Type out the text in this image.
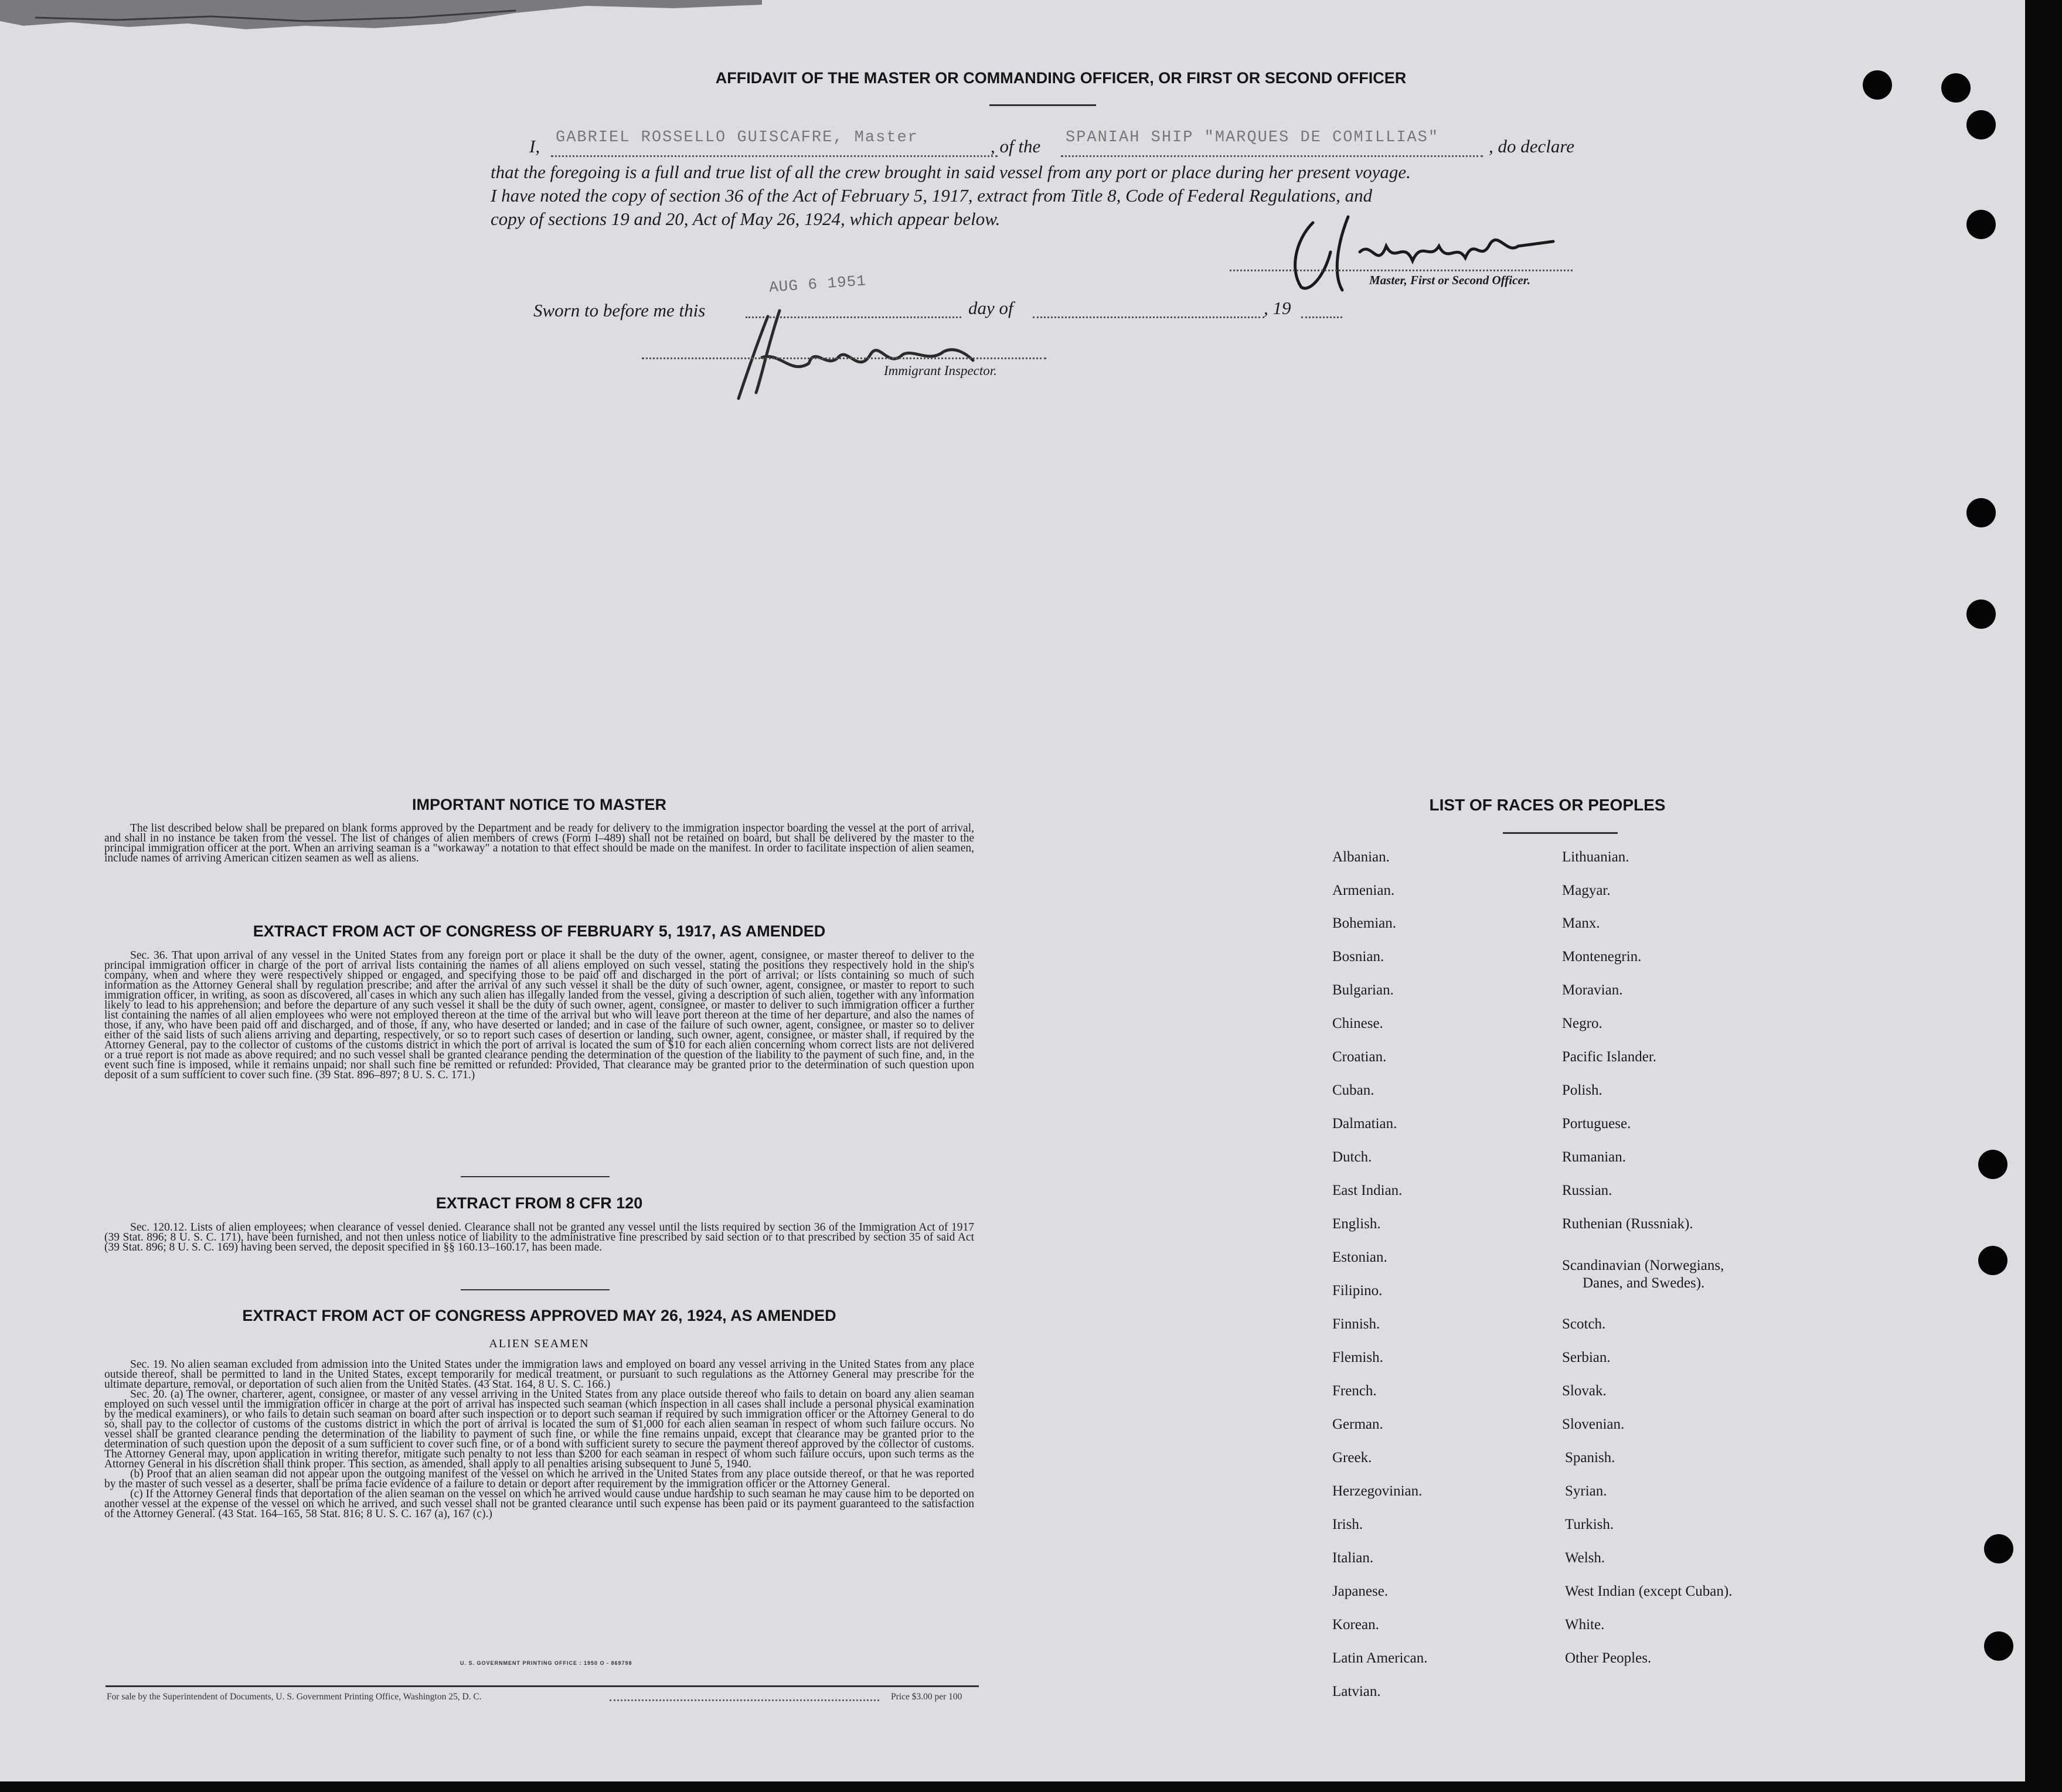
AFFIDAVIT OF THE MASTER OR COMMANDING OFFICER, OR FIRST OR SECOND OFFICER
I, GABRIEL ROSSELLO GUISCAFRE, Master	, of the SPANIAH SHIP "MARQUES DE COMILLIAS"	, do declare
that the foregoing is a full and true list of all the crew brought in said vessel from any port or place during her present voyage.
I have noted the copy of section 36 of the Act of February 5, 1917, extract from Title 8, Code of Federal Regulations, and
copy of sections 19 and 20, Act of May 26, 1924, which appear below.
Master, First or Second Officer.
Sworn to before me this
AUG 6 1951
day of	, 19
Immigrant Inspector.
IMPORTANT NOTICE TO MASTER

The list described below shall be prepared on blank forms approved by the Department and be ready for delivery to the immigration inspector boarding the vessel at the port of arrival, and shall in no instance be taken from the vessel. The list of changes of alien members of crews (Form I–489) shall not be retained on board, but shall be delivered by the master to the principal immigration officer at the port. When an arriving seaman is a "workaway" a notation to that effect should be made on the manifest. In order to facilitate inspection of alien seamen, include names of arriving American citizen seamen as well as aliens.

EXTRACT FROM ACT OF CONGRESS OF FEBRUARY 5, 1917, AS AMENDED

Sec. 36. That upon arrival of any vessel in the United States from any foreign port or place it shall be the duty of the owner, agent, consignee, or master thereof to deliver to the principal immigration officer in charge of the port of arrival lists containing the names of all aliens employed on such vessel, stating the positions they respectively hold in the ship's company, when and where they were respectively shipped or engaged, and specifying those to be paid off and discharged in the port of arrival; or lists containing so much of such information as the Attorney General shall by regulation prescribe; and after the arrival of any such vessel it shall be the duty of such owner, agent, consignee, or master to report to such immigration officer, in writing, as soon as discovered, all cases in which any such alien has illegally landed from the vessel, giving a description of such alien, together with any information likely to lead to his apprehension; and before the departure of any such vessel it shall be the duty of such owner, agent, consignee, or master to deliver to such immigration officer a further list containing the names of all alien employees who were not employed thereon at the time of the arrival but who will leave port thereon at the time of her departure, and also the names of those, if any, who have been paid off and discharged, and of those, if any, who have deserted or landed; and in case of the failure of such owner, agent, consignee, or master so to deliver either of the said lists of such aliens arriving and departing, respectively, or so to report such cases of desertion or landing, such owner, agent, consignee, or master shall, if required by the Attorney General, pay to the collector of customs of the customs district in which the port of arrival is located the sum of $10 for each alien concerning whom correct lists are not delivered or a true report is not made as above required; and no such vessel shall be granted clearance pending the determination of the question of the liability to the payment of such fine, and, in the event such fine is imposed, while it remains unpaid; nor shall such fine be remitted or refunded: Provided, That clearance may be granted prior to the determination of such question upon deposit of a sum sufficient to cover such fine. (39 Stat. 896–897; 8 U. S. C. 171.)

EXTRACT FROM 8 CFR 120

Sec. 120.12. Lists of alien employees; when clearance of vessel denied. Clearance shall not be granted any vessel until the lists required by section 36 of the Immigration Act of 1917 (39 Stat. 896; 8 U. S. C. 171), have been furnished, and not then unless notice of liability to the administrative fine prescribed by said section or to that prescribed by section 35 of said Act (39 Stat. 896; 8 U. S. C. 169) having been served, the deposit specified in §§ 160.13–160.17, has been made.

EXTRACT FROM ACT OF CONGRESS APPROVED MAY 26, 1924, AS AMENDED
ALIEN SEAMEN

Sec. 19. No alien seaman excluded from admission into the United States under the immigration laws and employed on board any vessel arriving in the United States from any place outside thereof, shall be permitted to land in the United States, except temporarily for medical treatment, or pursuant to such regulations as the Attorney General may prescribe for the ultimate departure, removal, or deportation of such alien from the United States. (43 Stat. 164, 8 U. S. C. 166.)

Sec. 20. (a) The owner, charterer, agent, consignee, or master of any vessel arriving in the United States from any place outside thereof who fails to detain on board any alien seaman employed on such vessel until the immigration officer in charge at the port of arrival has inspected such seaman (which inspection in all cases shall include a personal physical examination by the medical examiners), or who fails to detain such seaman on board after such inspection or to deport such seaman if required by such immigration officer or the Attorney General to do so, shall pay to the collector of customs of the customs district in which the port of arrival is located the sum of $1,000 for each alien seaman in respect of whom such failure occurs. No vessel shall be granted clearance pending the determination of the liability to payment of such fine, or while the fine remains unpaid, except that clearance may be granted prior to the determination of such question upon the deposit of a sum sufficient to cover such fine, or of a bond with sufficient surety to secure the payment thereof approved by the collector of customs. The Attorney General may, upon application in writing therefor, mitigate such penalty to not less than $200 for each seaman in respect of whom such failure occurs, upon such terms as the Attorney General in his discretion shall think proper. This section, as amended, shall apply to all penalties arising subsequent to June 5, 1940.

(b) Proof that an alien seaman did not appear upon the outgoing manifest of the vessel on which he arrived in the United States from any place outside thereof, or that he was reported by the master of such vessel as a deserter, shall be prima facie evidence of a failure to detain or deport after requirement by the immigration officer or the Attorney General.

(c) If the Attorney General finds that deportation of the alien seaman on the vessel on which he arrived would cause undue hardship to such seaman he may cause him to be deported on another vessel at the expense of the vessel on which he arrived, and such vessel shall not be granted clearance until such expense has been paid or its payment guaranteed to the satisfaction of the Attorney General. (43 Stat. 164–165, 58 Stat. 816; 8 U. S. C. 167 (a), 167 (c).)

U. S. GOVERNMENT PRINTING OFFICE : 1950 O - 869798
For sale by the Superintendent of Documents, U. S. Government Printing Office, Washington 25, D. C.	Price $3.00 per 100
LIST OF RACES OR PEOPLES
Albanian.
Armenian.
Bohemian.
Bosnian.
Bulgarian.
Chinese.
Croatian.
Cuban.
Dalmatian.
Dutch.
East Indian.
English.
Estonian.
Filipino.
Finnish.
Flemish.
French.
German.
Greek.
Herzegovinian.
Irish.
Italian.
Japanese.
Korean.
Latin American.
Latvian.
Lithuanian.
Magyar.
Manx.
Montenegrin.
Moravian.
Negro.
Pacific Islander.
Polish.
Portuguese.
Rumanian.
Russian.
Ruthenian (Russniak).
Scandinavian (Norwegians,
Danes, and Swedes).
Scotch.
Serbian.
Slovak.
Slovenian.
Spanish.
Syrian.
Turkish.
Welsh.
West Indian (except Cuban).
White.
Other Peoples.
